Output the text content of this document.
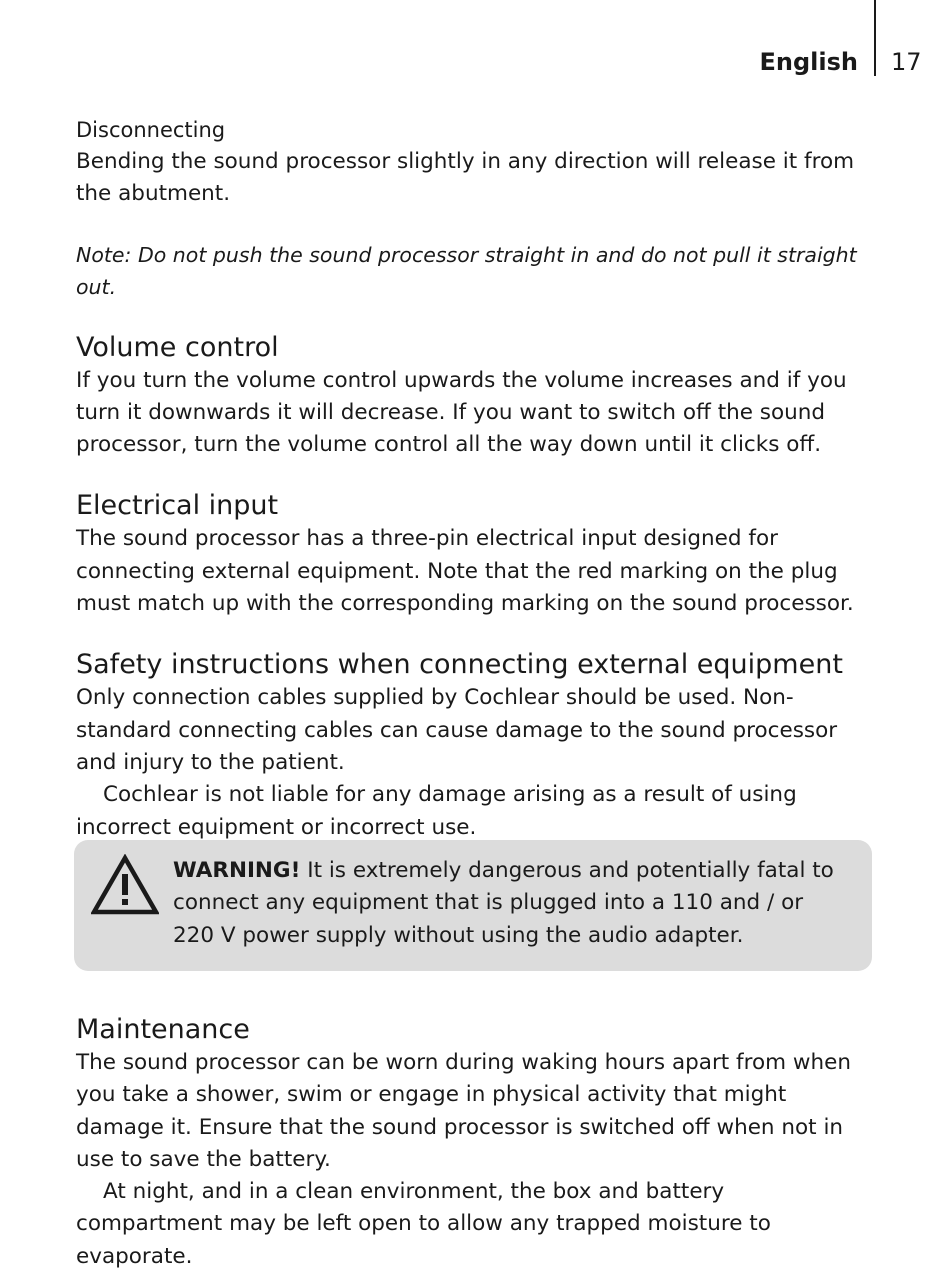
English 17
Disconnecting

Bending the sound processor slightly in any direction will release it from the abutment.

Note: Do not push the sound processor straight in and do not pull it straight out.

Volume control

If you turn the volume control upwards the volume increases and if you turn it downwards it will decrease. If you want to switch off the sound processor, turn the volume control all the way down until it clicks off.

Electrical input

The sound processor has a three-pin electrical input designed for connecting external equipment. Note that the red marking on the plug must match up with the corresponding marking on the sound processor.

Safety instructions when connecting external equipment

Only connection cables supplied by Cochlear should be used. Non-standard connecting cables can cause damage to the sound processor and injury to the patient.

Cochlear is not liable for any damage arising as a result of using incorrect equipment or incorrect use.

WARNING! It is extremely dangerous and potentially fatal to connect any equipment that is plugged into a 110 and / or 220 V power supply without using the audio adapter.

Maintenance

The sound processor can be worn during waking hours apart from when you take a shower, swim or engage in physical activity that might damage it. Ensure that the sound processor is switched off when not in use to save the battery.

At night, and in a clean environment, the box and battery compartment may be left open to allow any trapped moisture to evaporate.
